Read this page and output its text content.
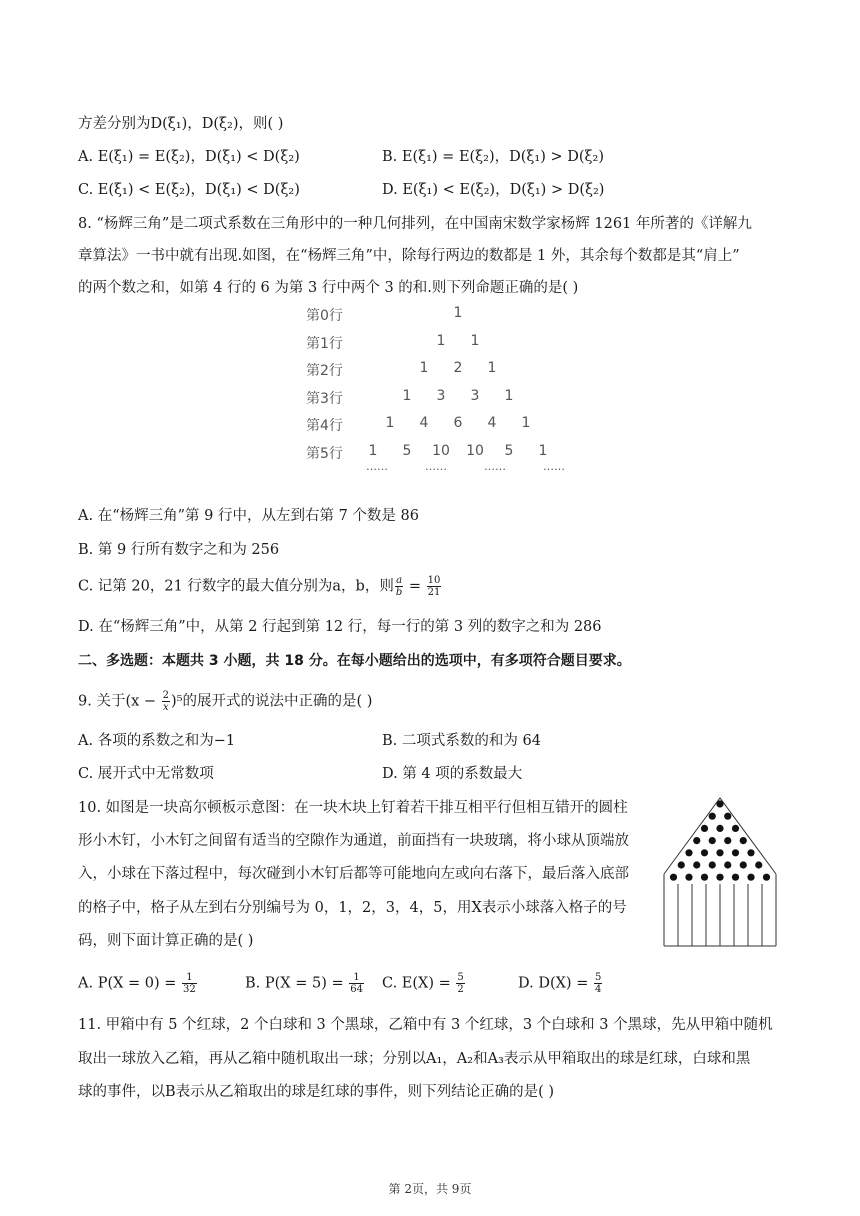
方差分别为D(ξ₁)，D(ξ₂)，则( )
A. E(ξ₁) = E(ξ₂)，D(ξ₁) < D(ξ₂)	B. E(ξ₁) = E(ξ₂)，D(ξ₁) > D(ξ₂)
C. E(ξ₁) < E(ξ₂)，D(ξ₁) < D(ξ₂)	D. E(ξ₁) < E(ξ₂)，D(ξ₁) > D(ξ₂)
8. “杨辉三角”是二项式系数在三角形中的一种几何排列，在中国南宋数学家杨辉 1261 年所著的《详解九
章算法》一书中就有出现.如图，在“杨辉三角”中，除每行两边的数都是 1 外，其余每个数都是其“肩上”
的两个数之和，如第 4 行的 6 为第 3 行中两个 3 的和.则下列命题正确的是( )
第0行	1
第1行	1 1
第2行	1 2 1
第3行	1 3 3 1
第4行	1 4 6 4 1
第5行 1 5 10 10 5 1
……	……	……	……
A. 在“杨辉三角”第 9 行中，从左到右第 7 个数是 86
B. 第 9 行所有数字之和为 256
C. 记第 20，21 行数字的最大值分别为a，b，则 $\frac{a}{b} = \frac{10}{21}$
D. 在“杨辉三角”中，从第 2 行起到第 12 行，每一行的第 3 列的数字之和为 286
二、多选题：本题共 3 小题，共 18 分。在每小题给出的选项中，有多项符合题目要求。
9. 关于$(x - \frac{2}{x} )^5$的展开式的说法中正确的是( )
A. 各项的系数之和为−1	B. 二项式系数的和为 64
C. 展开式中无常数项	D. 第 4 项的系数最大
10. 如图是一块高尔顿板示意图：在一块木块上钉着若干排互相平行但相互错开的圆柱
形小木钉，小木钉之间留有适当的空隙作为通道，前面挡有一块玻璃，将小球从顶端放
入，小球在下落过程中，每次碰到小木钉后都等可能地向左或向右落下，最后落入底部
的格子中，格子从左到右分别编号为 0，1，2，3，4，5，用X表示小球落入格子的号
码，则下面计算正确的是( )
A. $P(X = 0) = \frac{1}{32}$	B. $P(X = 5) = \frac{1}{64} C$. $E(X) = \frac{5}{2}$	D. $D(X) = \frac{5}{4}$
11. 甲箱中有 5 个红球，2 个白球和 3 个黑球，乙箱中有 3 个红球，3 个白球和 3 个黑球，先从甲箱中随机
取出一球放入乙箱，再从乙箱中随机取出一球；分别以A₁，A₂和A₃表示从甲箱取出的球是红球，白球和黑
球的事件，以B表示从乙箱取出的球是红球的事件，则下列结论正确的是( )
第 2页，共 9页
